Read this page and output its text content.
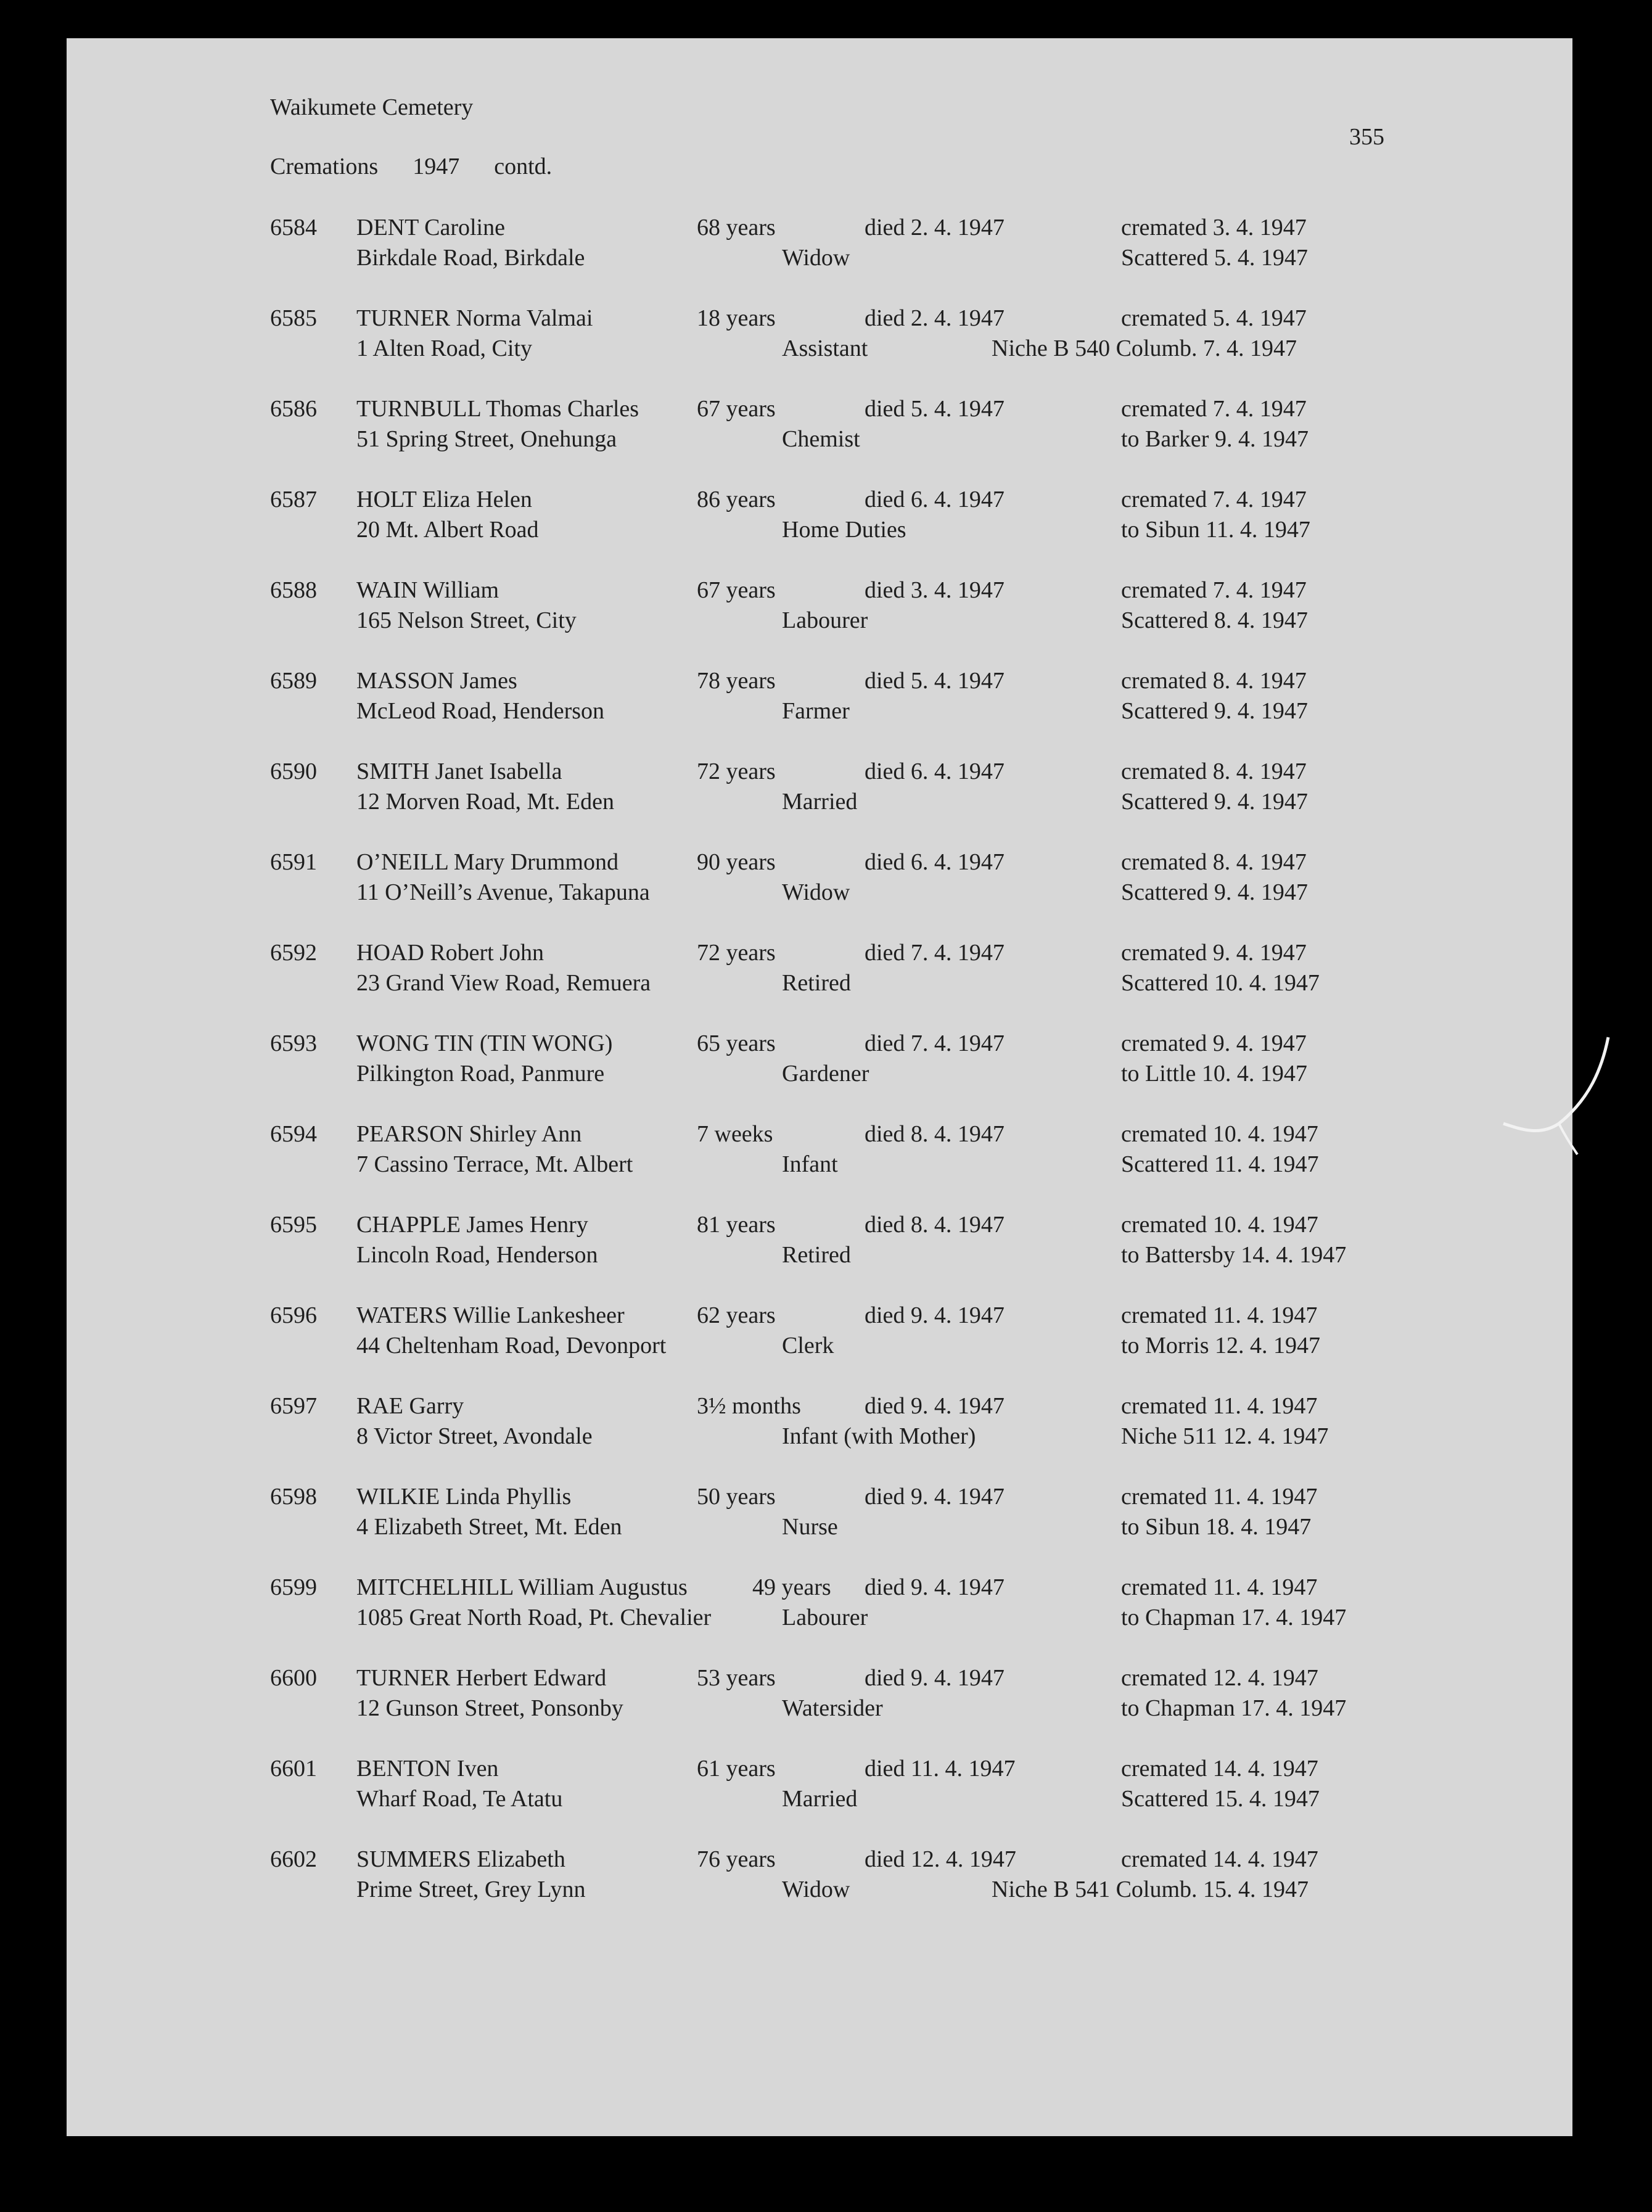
Waikumete Cemetery
Cremations 1947 contd.
355
6584 DENT Caroline	68 years	died 2. 4. 1947	cremated 3. 4. 1947
Birkdale Road, Birkdale	Widow	Scattered 5. 4. 1947
6585 TURNER Norma Valmai	18 years	died 2. 4. 1947	cremated 5. 4. 1947
1 Alten Road, City	Assistant	Niche B 540 Columb. 7. 4. 1947
6586 TURNBULL Thomas Charles 67 years	died 5. 4. 1947	cremated 7. 4. 1947
51 Spring Street, Onehunga	Chemist	to Barker 9. 4. 1947
6587 HOLT Eliza Helen	86 years	died 6. 4. 1947	cremated 7. 4. 1947
20 Mt. Albert Road	Home Duties	to Sibun 11. 4. 1947
6588 WAIN William	67 years	died 3. 4. 1947	cremated 7. 4. 1947
165 Nelson Street, City	Labourer	Scattered 8. 4. 1947
6589 MASSON James	78 years	died 5. 4. 1947	cremated 8. 4. 1947
McLeod Road, Henderson	Farmer	Scattered 9. 4. 1947
6590 SMITH Janet Isabella	72 years	died 6. 4. 1947	cremated 8. 4. 1947
12 Morven Road, Mt. Eden	Married	Scattered 9. 4. 1947
6591 O’NEILL Mary Drummond	90 years	died 6. 4. 1947	cremated 8. 4. 1947
11 O’Neill’s Avenue, Takapuna	Widow	Scattered 9. 4. 1947
6592 HOAD Robert John	72 years	died 7. 4. 1947	cremated 9. 4. 1947
23 Grand View Road, Remuera	Retired	Scattered 10. 4. 1947
6593 WONG TIN (TIN WONG)	65 years	died 7. 4. 1947	cremated 9. 4. 1947
Pilkington Road, Panmure	Gardener	to Little 10. 4. 1947
6594 PEARSON Shirley Ann	7 weeks	died 8. 4. 1947	cremated 10. 4. 1947
7 Cassino Terrace, Mt. Albert	Infant	Scattered 11. 4. 1947
6595 CHAPPLE James Henry	81 years	died 8. 4. 1947	cremated 10. 4. 1947
Lincoln Road, Henderson	Retired	to Battersby 14. 4. 1947
6596 WATERS Willie Lankesheer	62 years	died 9. 4. 1947	cremated 11. 4. 1947
44 Cheltenham Road, Devonport	Clerk	to Morris 12. 4. 1947
6597 RAE Garry	3½ months	died 9. 4. 1947	cremated 11. 4. 1947
8 Victor Street, Avondale	Infant (with Mother)	Niche 511 12. 4. 1947
6598 WILKIE Linda Phyllis	50 years	died 9. 4. 1947	cremated 11. 4. 1947
4 Elizabeth Street, Mt. Eden	Nurse	to Sibun 18. 4. 1947
6599 MITCHELHILL William Augustus	49 years died 9. 4. 1947	cremated 11. 4. 1947
1085 Great North Road, Pt. Chevalier	Labourer	to Chapman 17. 4. 1947
6600 TURNER Herbert Edward	53 years	died 9. 4. 1947	cremated 12. 4. 1947
12 Gunson Street, Ponsonby	Watersider	to Chapman 17. 4. 1947
6601 BENTON Iven	61 years	died 11. 4. 1947	cremated 14. 4. 1947
Wharf Road, Te Atatu	Married	Scattered 15. 4. 1947
6602 SUMMERS Elizabeth	76 years	died 12. 4. 1947	cremated 14. 4. 1947
Prime Street, Grey Lynn	Widow	Niche B 541 Columb. 15. 4. 1947
